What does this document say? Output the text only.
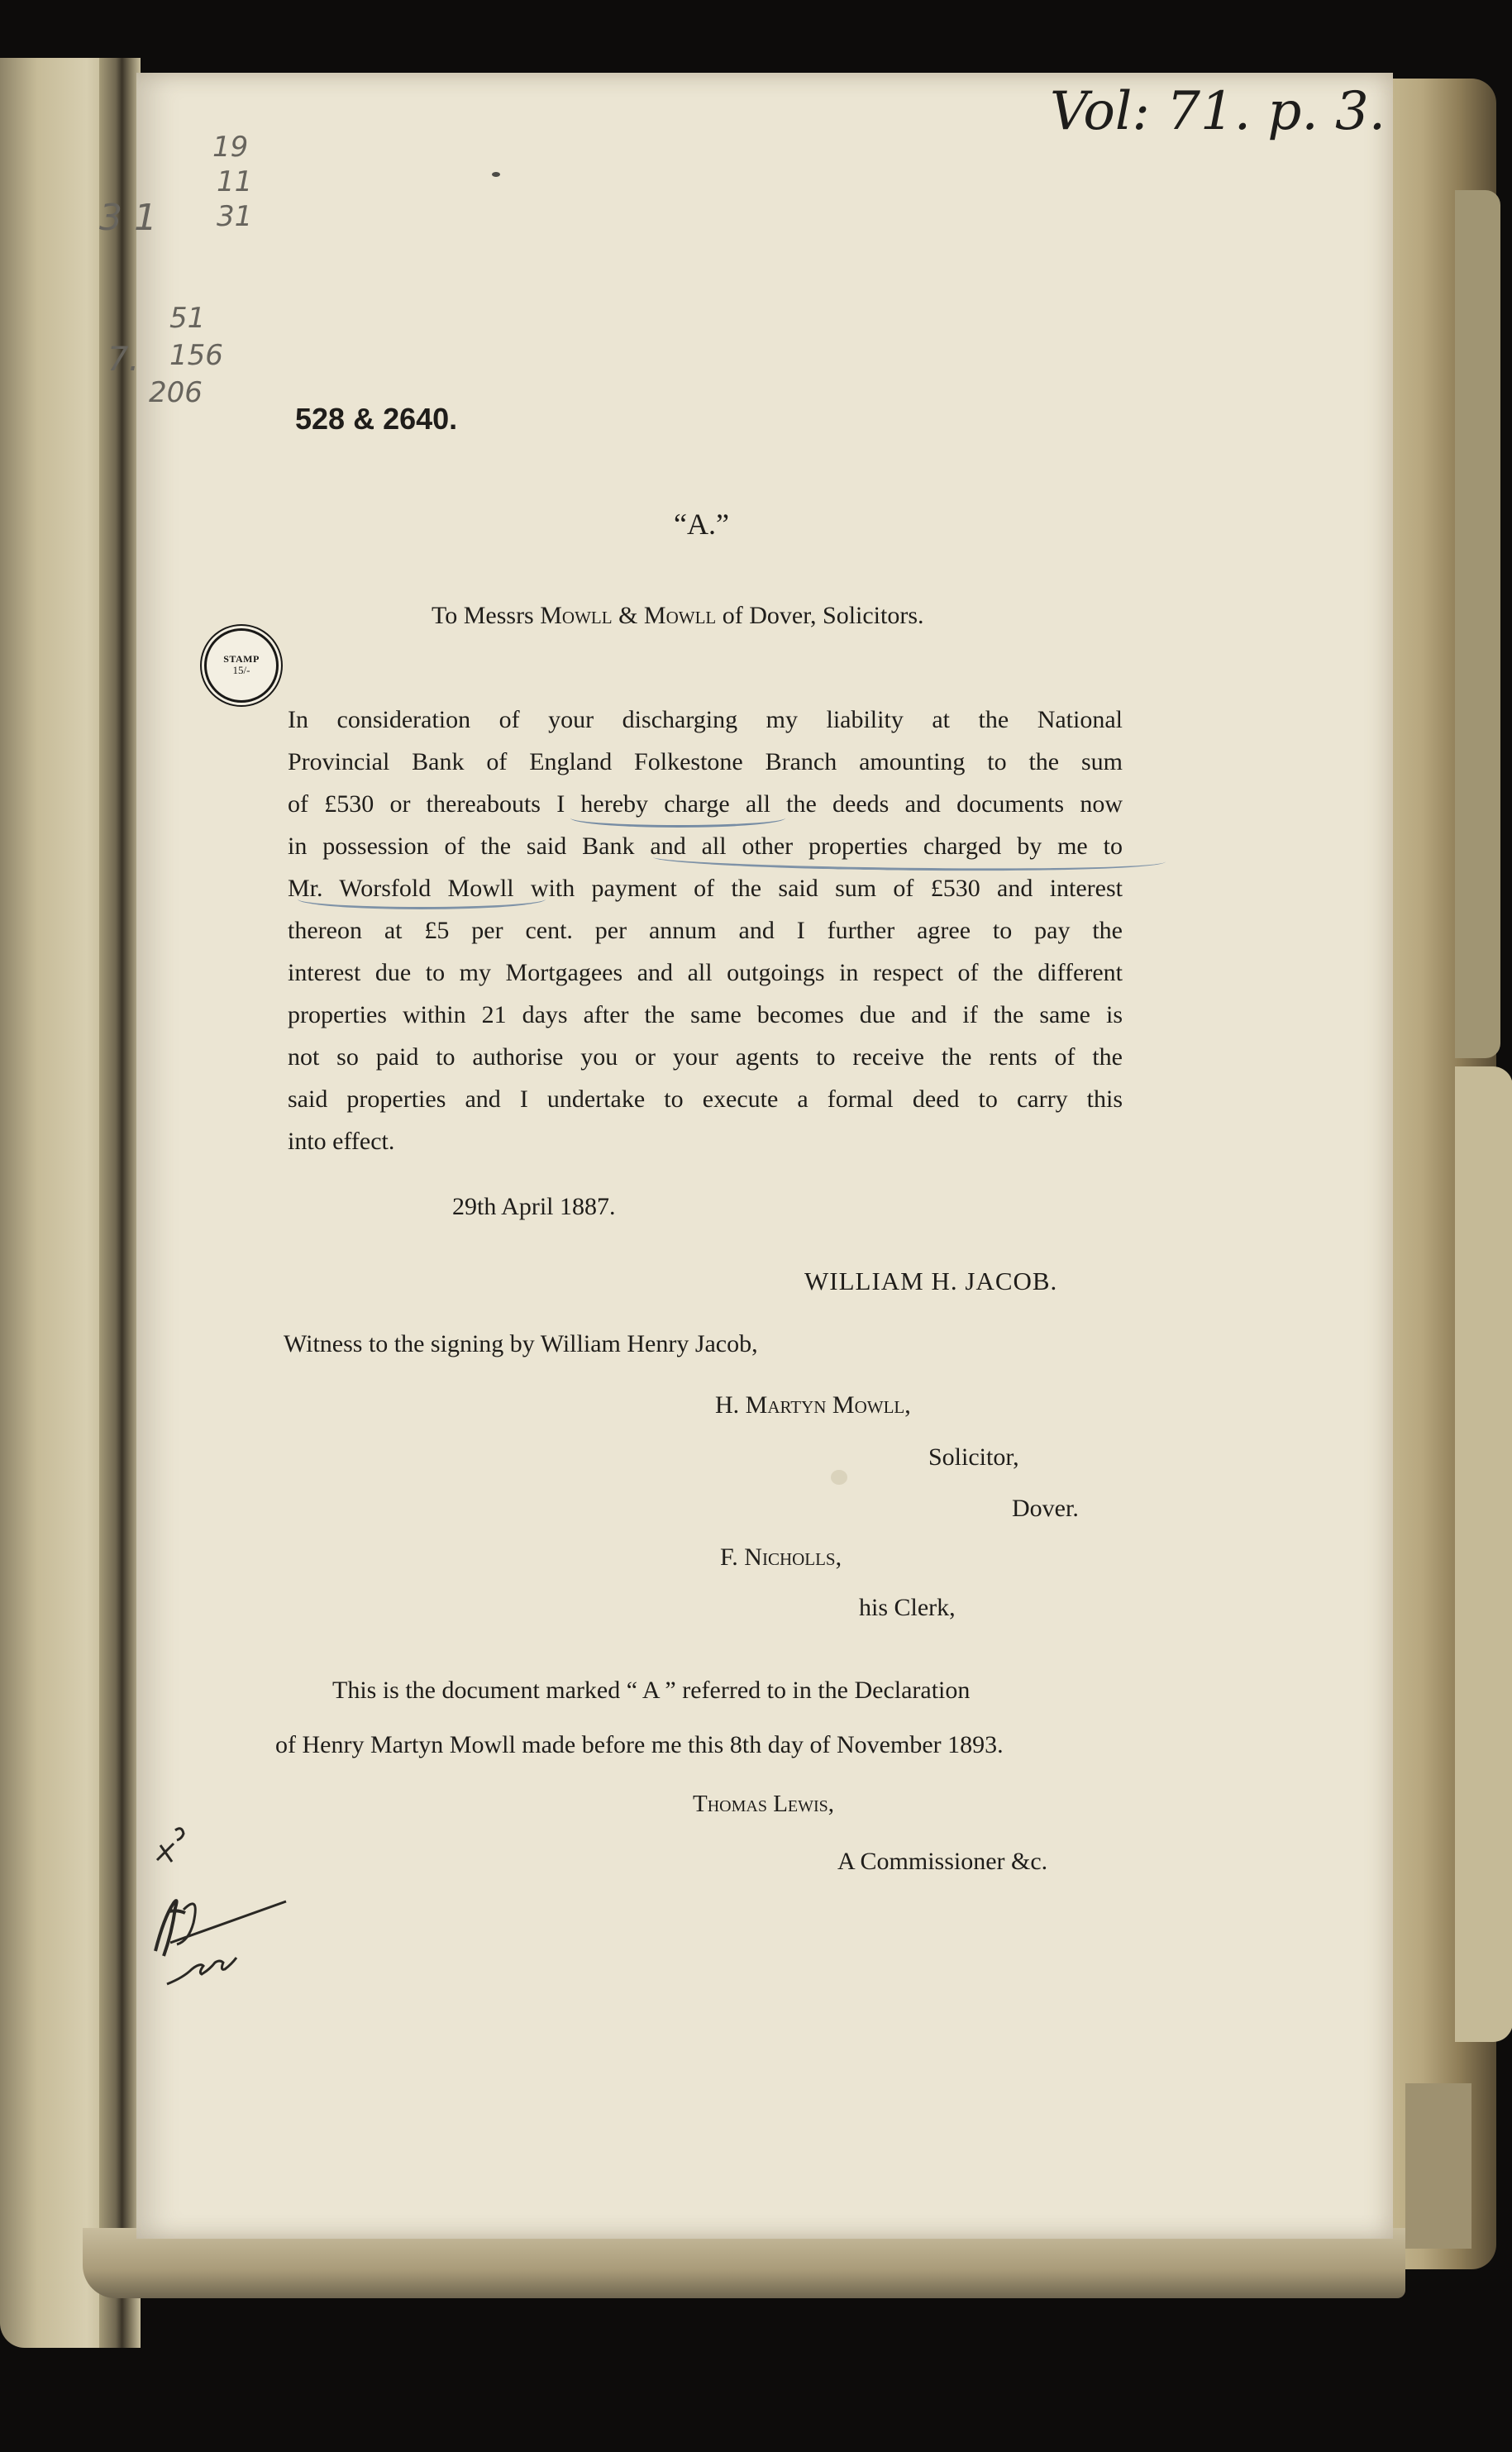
3 1

19

11

31

7.

51

156

206

Vol: 71. p. 3.

528 & 2640.

“A.”

To Messrs Mowll & Mowll of Dover, Solicitors.

STAMP
15/-
In consideration of your discharging my liability at the National
Provincial Bank of England Folkestone Branch amounting to the sum
of £530 or thereabouts I hereby charge all the deeds and documents now
in possession of the said Bank and all other properties charged by me to
Mr. Worsfold Mowll with payment of the said sum of £530 and interest
thereon at £5 per cent. per annum and I further agree to pay the
interest due to my Mortgagees and all outgoings in respect of the different
properties within 21 days after the same becomes due and if the same is
not so paid to authorise you or your agents to receive the rents of the
said properties and I undertake to execute a formal deed to carry this
into effect.

29th April 1887.

WILLIAM H. JACOB.

Witness to the signing by William Henry Jacob,

H. Martyn Mowll,

Solicitor,

Dover.

F. Nicholls,

his Clerk,

This is the document marked “ A ” referred to in the Declaration

of Henry Martyn Mowll made before me this 8th day of November 1893.

Thomas Lewis,

A Commissioner &c.
